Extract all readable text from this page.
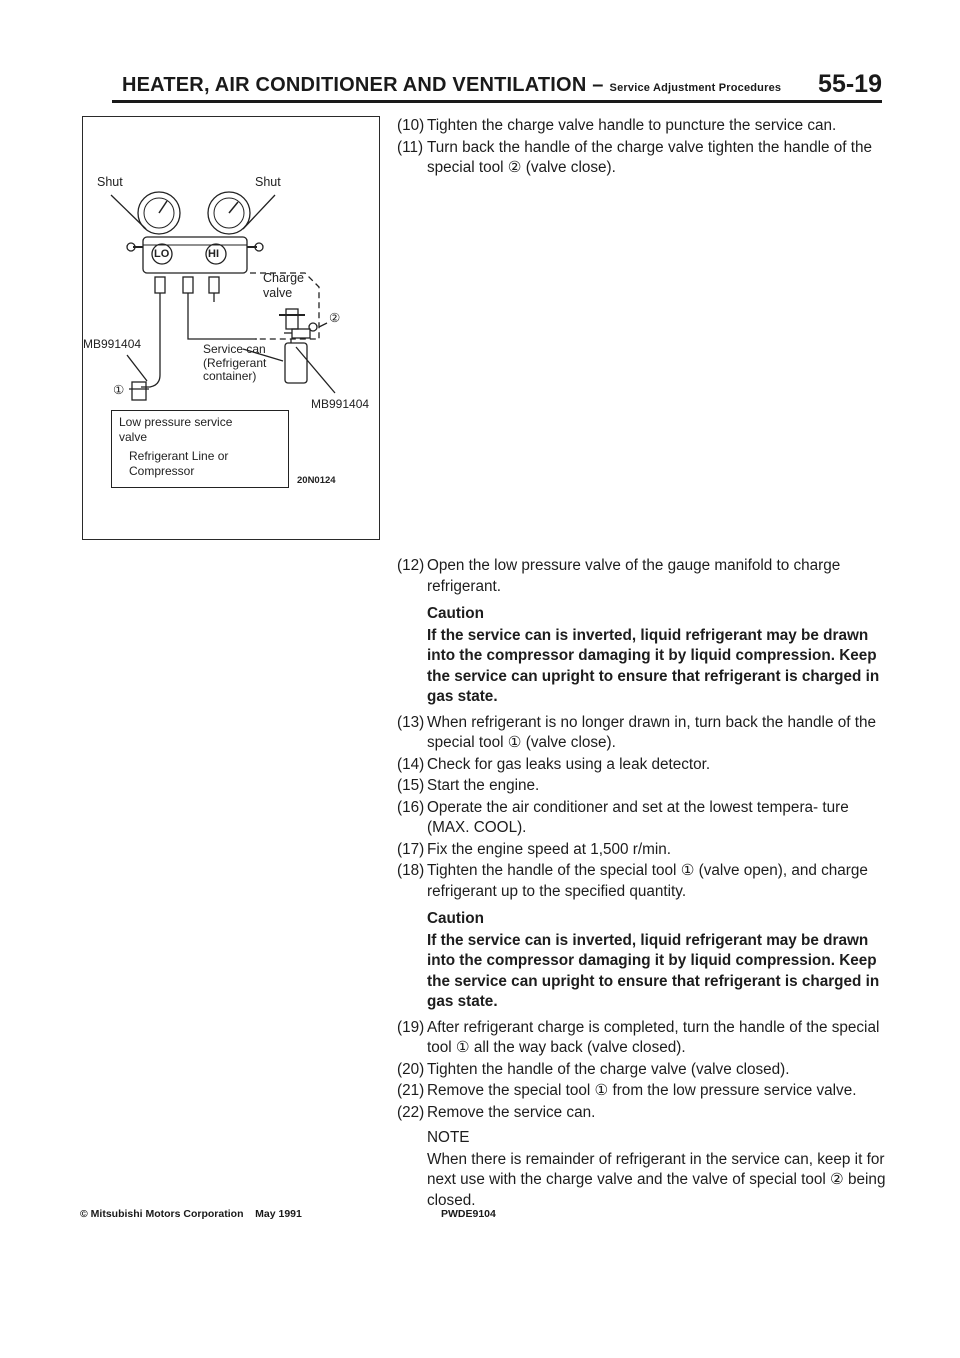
HEATER, AIR CONDITIONER AND VENTILATION – Service Adjustment Procedures 55-19
Shut	Shut
LO	HI
Charge
valve
②
MB991404	Service can
(Refrigerant
container)
①
MB991404
Low pressure service
valve
Refrigerant Line or
Compressor
20N0124
(10) Tighten the charge valve handle to puncture the service can.
(11) Turn back the handle of the charge valve tighten the handle of the special tool ② (valve close).
(12) Open the low pressure valve of the gauge manifold to charge refrigerant.
Caution
If the service can is inverted, liquid refrigerant may be drawn into the compressor damaging it by liquid compression. Keep the service can upright to ensure that refrigerant is charged in gas state.
(13) When refrigerant is no longer drawn in, turn back the handle of the special tool ① (valve close).
(14) Check for gas leaks using a leak detector.
(15) Start the engine.
(16) Operate the air conditioner and set at the lowest tempera- ture (MAX. COOL).
(17) Fix the engine speed at 1,500 r/min.
(18) Tighten the handle of the special tool ① (valve open), and charge refrigerant up to the specified quantity.
Caution
If the service can is inverted, liquid refrigerant may be drawn into the compressor damaging it by liquid compression. Keep the service can upright to ensure that refrigerant is charged in gas state.
(19) After refrigerant charge is completed, turn the handle of the special tool ① all the way back (valve closed).
(20) Tighten the handle of the charge valve (valve closed).
(21) Remove the special tool ① from the low pressure service valve.
(22) Remove the service can.
NOTE
When there is remainder of refrigerant in the service can, keep it for next use with the charge valve and the valve of special tool ② being closed.
© Mitsubishi Motors Corporation    May 1991	PWDE9104
